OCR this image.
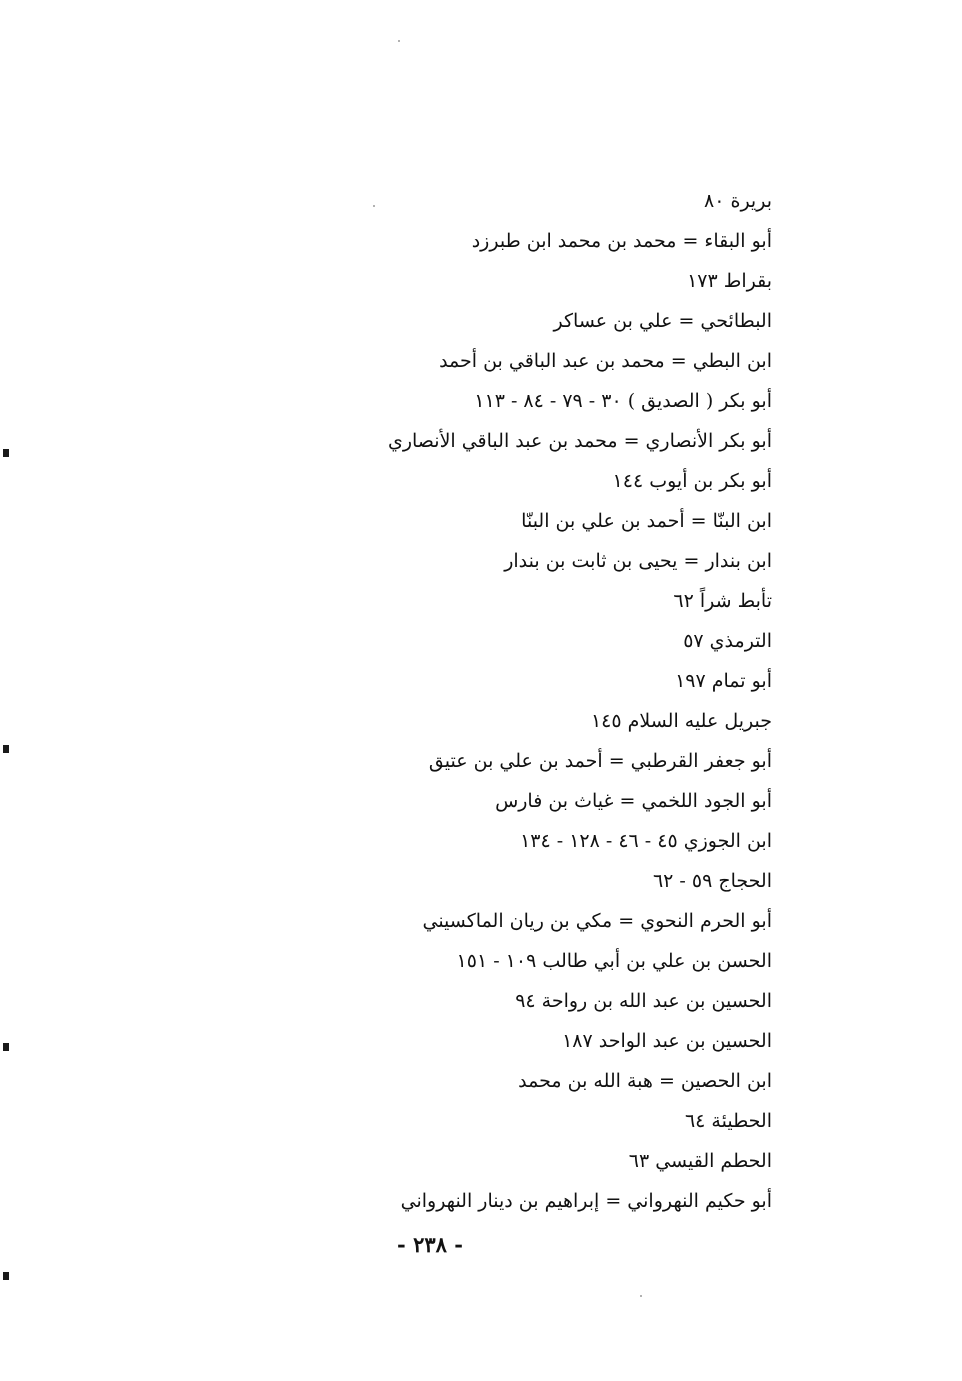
بريرة ٨٠
أبو البقاء = محمد بن محمد ابن طبرزد
بقراط ١٧٣
البطائحي = علي بن عساكر
ابن البطي = محمد بن عبد الباقي بن أحمد
أبو بكر ( الصديق ) ٣٠ - ٧٩ - ٨٤ - ١١٣
أبو بكر الأنصاري = محمد بن عبد الباقي الأنصاري
أبو بكر بن أيوب ١٤٤
ابن البنّا = أحمد بن علي بن البنّا
ابن بندار = يحيى بن ثابت بن بندار
تأبط شراً ٦٢
الترمذي ٥٧
أبو تمام ١٩٧
جبريل عليه السلام ١٤٥
أبو جعفر القرطبي = أحمد بن علي بن عتيق
أبو الجود اللخمي = غياث بن فارس
ابن الجوزي ٤٥ - ٤٦ - ١٢٨ - ١٣٤
الحجاج ٥٩ - ٦٢
أبو الحرم النحوي = مكي بن ريان الماكسيني
الحسن بن علي بن أبي طالب ١٠٩ - ١٥١
الحسين بن عبد الله بن رواحة ٩٤
الحسين بن عبد الواحد ١٨٧
ابن الحصين = هبة الله بن محمد
الحطيئة ٦٤
الحطم القيسي ٦٣
أبو حكيم النهرواني = إبراهيم بن دينار النهرواني
- ٢٣٨ -
